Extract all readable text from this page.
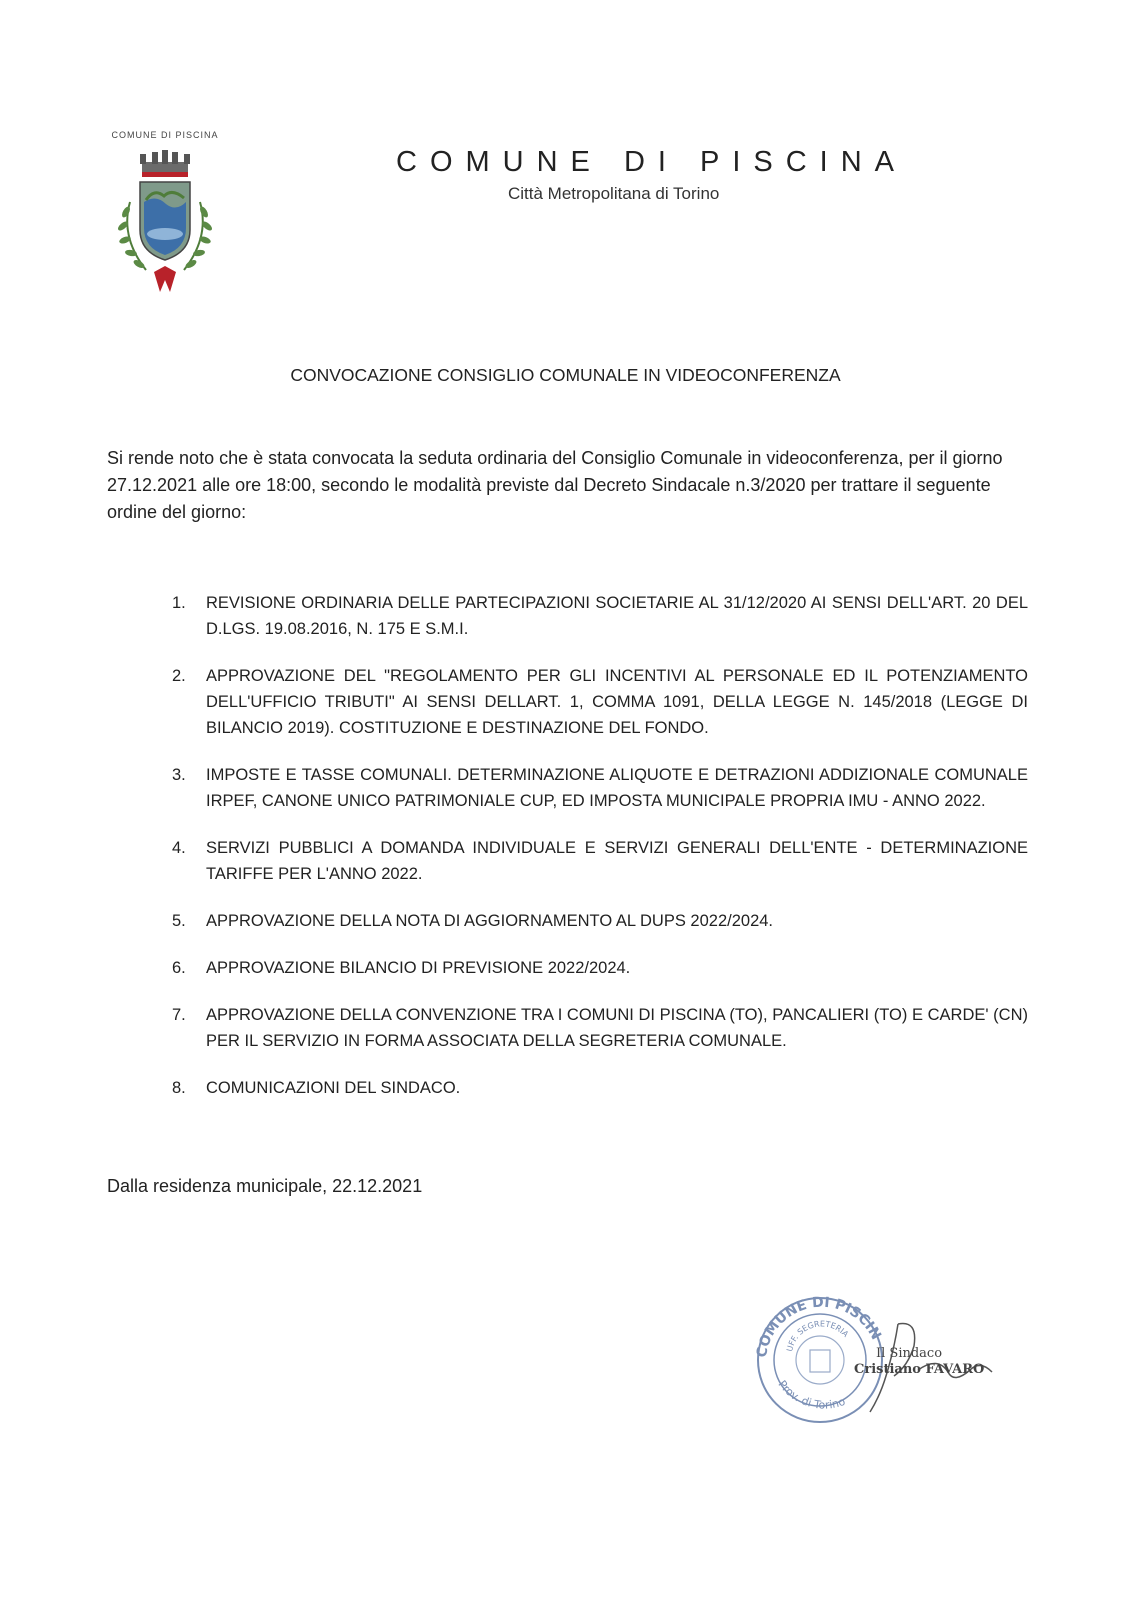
COMUNE DI PISCINA
COMUNE DI PISCINA
Città Metropolitana di Torino
CONVOCAZIONE CONSIGLIO COMUNALE IN VIDEOCONFERENZA
Si rende noto che è stata convocata la seduta ordinaria del Consiglio Comunale in videoconferenza, per il giorno 27.12.2021 alle ore 18:00, secondo le modalità previste dal Decreto Sindacale n.3/2020 per trattare il seguente ordine del giorno:
1.	REVISIONE ORDINARIA DELLE PARTECIPAZIONI SOCIETARIE AL 31/12/2020 AI SENSI DELL'ART. 20 DEL D.LGS. 19.08.2016, N. 175 E S.M.I.
2.	APPROVAZIONE DEL "REGOLAMENTO PER GLI INCENTIVI AL PERSONALE ED IL POTENZIAMENTO DELL'UFFICIO TRIBUTI" AI SENSI DELLART. 1, COMMA 1091, DELLA LEGGE N. 145/2018 (LEGGE DI BILANCIO 2019). COSTITUZIONE E DESTINAZIONE DEL FONDO.
3.	IMPOSTE E TASSE COMUNALI. DETERMINAZIONE ALIQUOTE E DETRAZIONI ADDIZIONALE COMUNALE IRPEF, CANONE UNICO PATRIMONIALE CUP, ED IMPOSTA MUNICIPALE PROPRIA IMU - ANNO 2022.
4.	SERVIZI PUBBLICI A DOMANDA INDIVIDUALE E SERVIZI GENERALI DELL'ENTE - DETERMINAZIONE TARIFFE PER L'ANNO 2022.
5.	APPROVAZIONE DELLA NOTA DI AGGIORNAMENTO AL DUPS 2022/2024.
6.	APPROVAZIONE BILANCIO DI PREVISIONE 2022/2024.
7.	APPROVAZIONE DELLA CONVENZIONE TRA I COMUNI DI PISCINA (TO), PANCALIERI (TO) E CARDE' (CN) PER IL SERVIZIO IN FORMA ASSOCIATA DELLA SEGRETERIA COMUNALE.
8.	COMUNICAZIONI DEL SINDACO.
Dalla residenza municipale, 22.12.2021
COMUNE DI PISCIN
UFF. SEGRETERIA
Prov. di Torino
Il Sindaco
Cristiano FAVARO
